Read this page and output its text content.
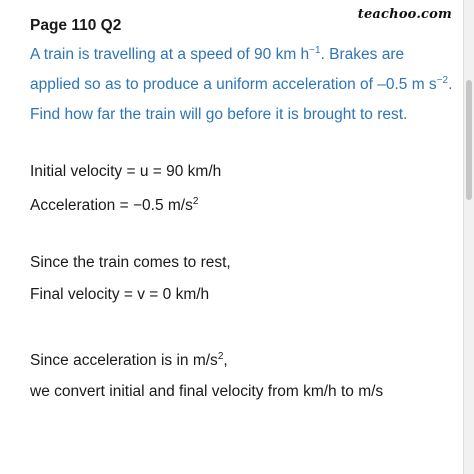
teachoo.com
Page 110 Q2
A train is travelling at a speed of 90 km $h^{-1}$. Brakes are applied so as to produce a uniform acceleration of –0.5 m $s^{-2}$. Find how far the train will go before it is brought to rest.
Initial velocity = u = 90 km/h
Acceleration = −0.5 $m/s^2$
Since the train comes to rest,
Final velocity = v = 0 km/h
Since acceleration is in $m/s^2$,
we convert initial and final velocity from km/h to m/s
